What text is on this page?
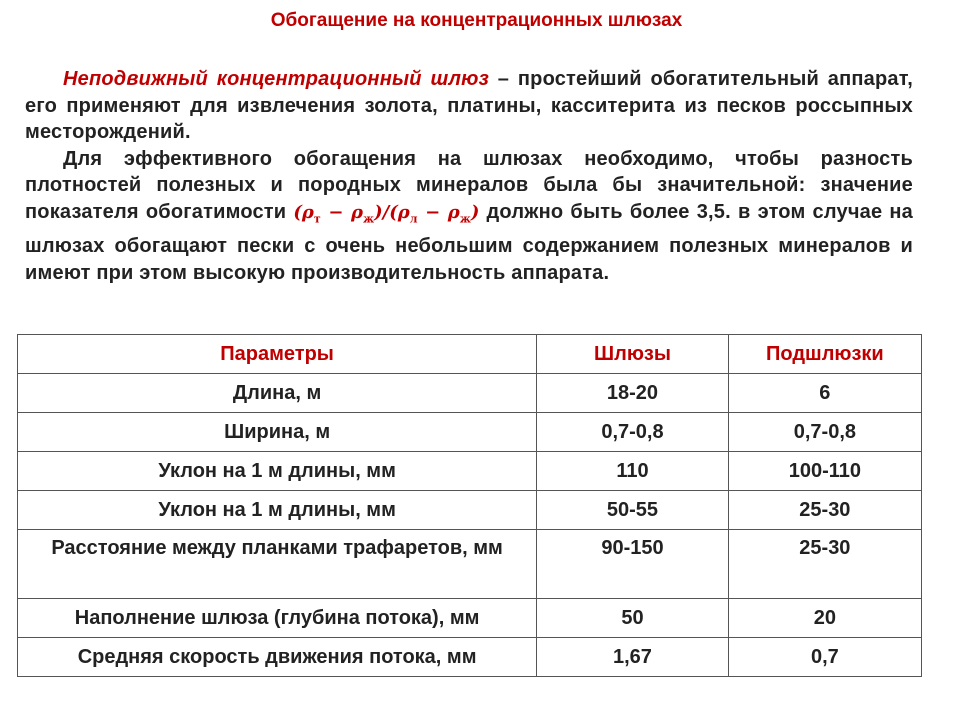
Обогащение на концентрационных шлюзах

Неподвижный концентрационный шлюз – простейший обогатительный аппарат, его применяют для извлечения золота, платины, касситерита из песков россыпных месторождений.

Для эффективного обогащения на шлюзах необходимо, чтобы разность плотностей полезных и породных минералов была бы значительной: значение показателя обогатимости $(\rho_т - \rho_ж)/(\rho_л - \rho_ж)$ должно быть более 3,5. в этом случае на шлюзах обогащают пески с очень небольшим содержанием полезных минералов и имеют при этом высокую производительность аппарата.

Параметры	Шлюзы	Подшлюзки
Длина, м	18-20	6
Ширина, м	0,7-0,8	0,7-0,8
Уклон на 1 м длины, мм	110	100-110
Уклон на 1 м длины, мм	50-55	25-30
Расстояние между планками трафаретов, мм	90-150	25-30
Наполнение шлюза (глубина потока), мм	50	20
Средняя скорость движения потока, мм	1,67	0,7
